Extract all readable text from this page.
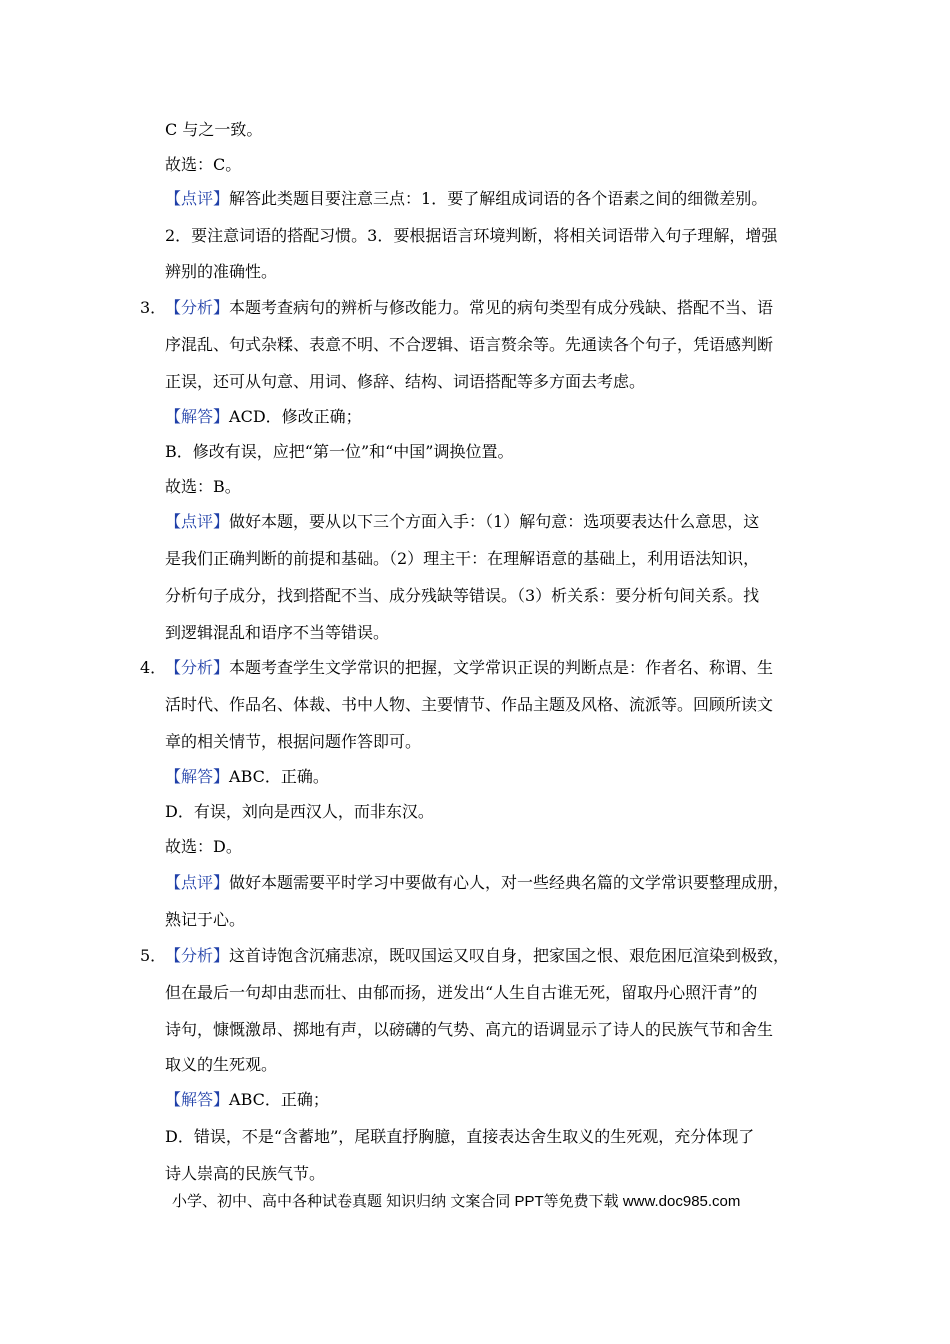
C 与之一致。
故选：C。
【点评】解答此类题目要注意三点：1．要了解组成词语的各个语素之间的细微差别。
2．要注意词语的搭配习惯。3．要根据语言环境判断，将相关词语带入句子理解，增强
辨别的准确性。
3．
【分析】本题考查病句的辨析与修改能力。常见的病句类型有成分残缺、搭配不当、语
序混乱、句式杂糅、表意不明、不合逻辑、语言赘余等。先通读各个句子，凭语感判断
正误，还可从句意、用词、修辞、结构、词语搭配等多方面去考虑。
【解答】ACD．修改正确；
B．修改有误，应把“第一位”和“中国”调换位置。
故选：B。
【点评】做好本题，要从以下三个方面入手：（1）解句意：选项要表达什么意思，这
是我们正确判断的前提和基础。（2）理主干：在理解语意的基础上，利用语法知识，
分析句子成分，找到搭配不当、成分残缺等错误。（3）析关系：要分析句间关系。找
到逻辑混乱和语序不当等错误。
4．
【分析】本题考查学生文学常识的把握，文学常识正误的判断点是：作者名、称谓、生
活时代、作品名、体裁、书中人物、主要情节、作品主题及风格、流派等。回顾所读文
章的相关情节，根据问题作答即可。
【解答】ABC．正确。
D．有误，刘向是西汉人，而非东汉。
故选：D。
【点评】做好本题需要平时学习中要做有心人，对一些经典名篇的文学常识要整理成册，
熟记于心。
5．
【分析】这首诗饱含沉痛悲凉，既叹国运又叹自身，把家国之恨、艰危困厄渲染到极致，
但在最后一句却由悲而壮、由郁而扬，迸发出“人生自古谁无死，留取丹心照汗青”的
诗句，慷慨激昂、掷地有声，以磅礴的气势、高亢的语调显示了诗人的民族气节和舍生
取义的生死观。
【解答】ABC．正确；
D．错误，不是“含蓄地”，尾联直抒胸臆，直接表达舍生取义的生死观，充分体现了
诗人崇高的民族气节。
小学、初中、高中各种试卷真题 知识归纳 文案合同 PPT等免费下载 www.doc985.com
